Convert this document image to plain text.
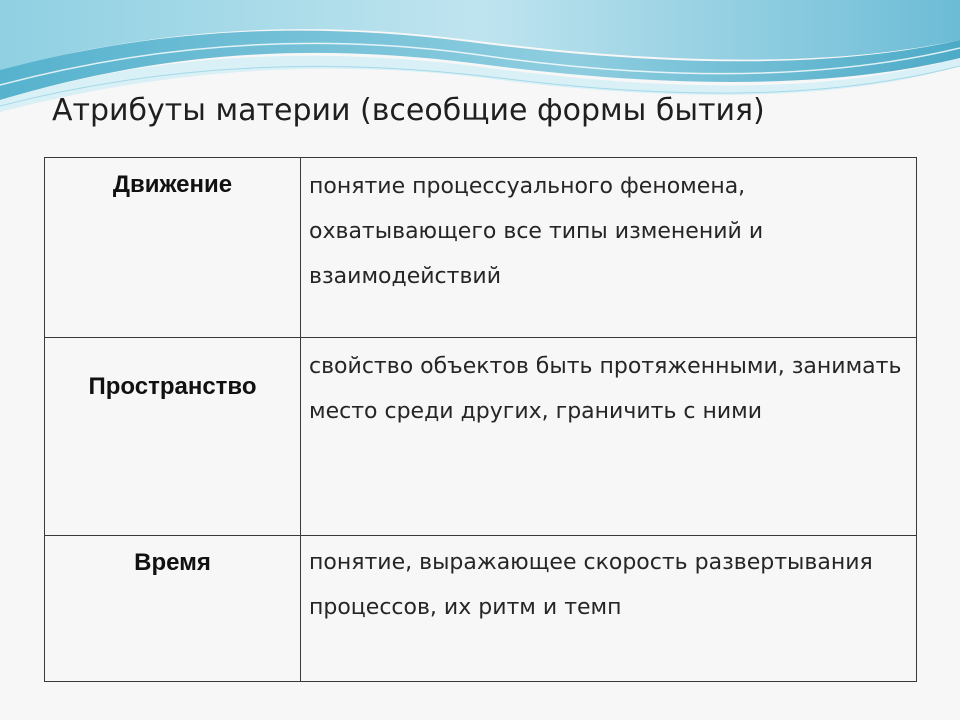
Атрибуты материи (всеобщие формы бытия)
Движение	понятие процессуального феномена, охватывающего все типы изменений и взаимодействий
Пространство	свойство объектов быть протяженными, занимать место среди других, граничить с ними
Время	понятие, выражающее скорость развертывания процессов, их ритм и темп
